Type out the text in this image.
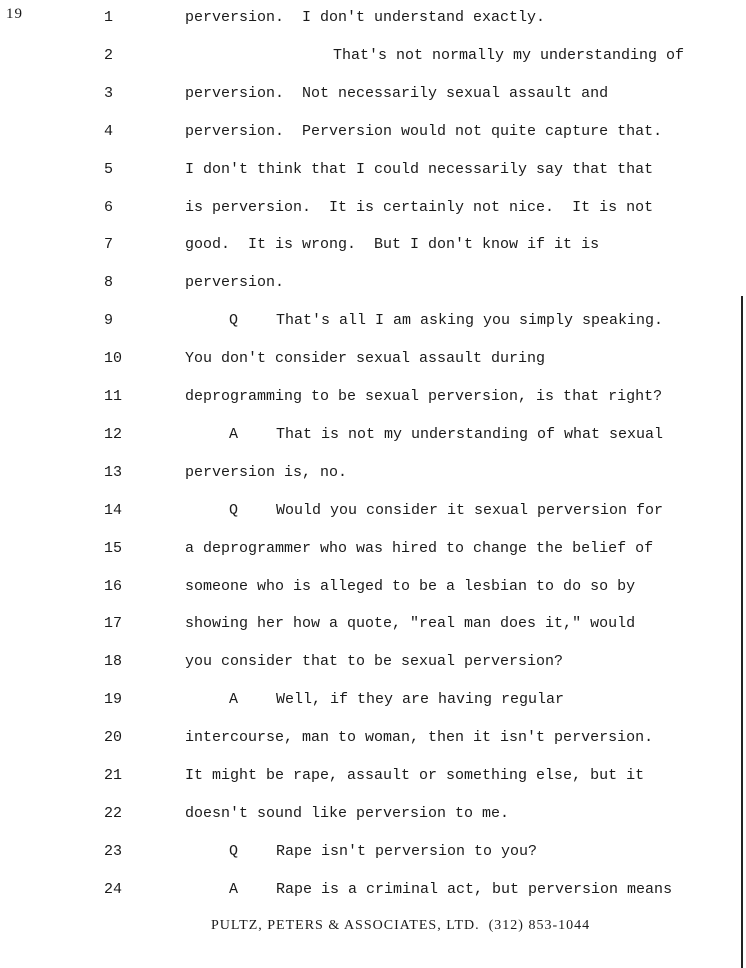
19	1	perversion.  I don't understand exactly.
2	That's not normally my understanding of
3	perversion.  Not necessarily sexual assault and
4	perversion.  Perversion would not quite capture that.
5	I don't think that I could necessarily say that that
6	is perversion.  It is certainly not nice.  It is not
7	good.  It is wrong.  But I don't know if it is
8	perversion.
9	Q	That's all I am asking you simply speaking.
10	You don't consider sexual assault during
11	deprogramming to be sexual perversion, is that right?
12	A	That is not my understanding of what sexual
13	perversion is, no.
14	Q	Would you consider it sexual perversion for
15	a deprogrammer who was hired to change the belief of
16	someone who is alleged to be a lesbian to do so by
17	showing her how a quote, "real man does it," would
18	you consider that to be sexual perversion?
19	A	Well, if they are having regular
20	intercourse, man to woman, then it isn't perversion.
21	It might be rape, assault or something else, but it
22	doesn't sound like perversion to me.
23	Q	Rape isn't perversion to you?
24	A	Rape is a criminal act, but perversion means
PULTZ, PETERS & ASSOCIATES, LTD.  (312) 853-1044
